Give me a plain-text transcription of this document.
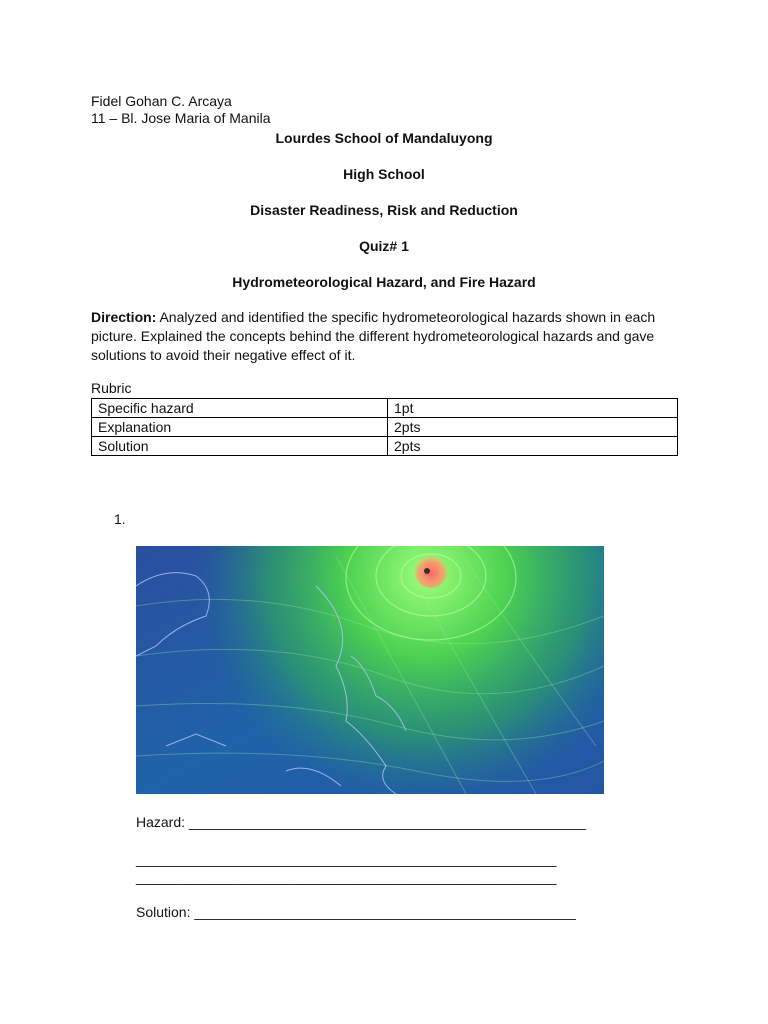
Fidel Gohan C. Arcaya
11 – Bl. Jose Maria of Manila
Lourdes School of Mandaluyong
High School
Disaster Readiness, Risk and Reduction
Quiz# 1
Hydrometeorological Hazard, and Fire Hazard
Direction: Analyzed and identified the specific hydrometeorological hazards shown in each picture. Explained the concepts behind the different hydrometeorological hazards and gave solutions to avoid their negative effect of it.
Rubric
Specific hazard	1pt
Explanation	2pts
Solution	2pts
1.
Hazard: ___________________________________________________
______________________________________________________
______________________________________________________
Solution: _________________________________________________
